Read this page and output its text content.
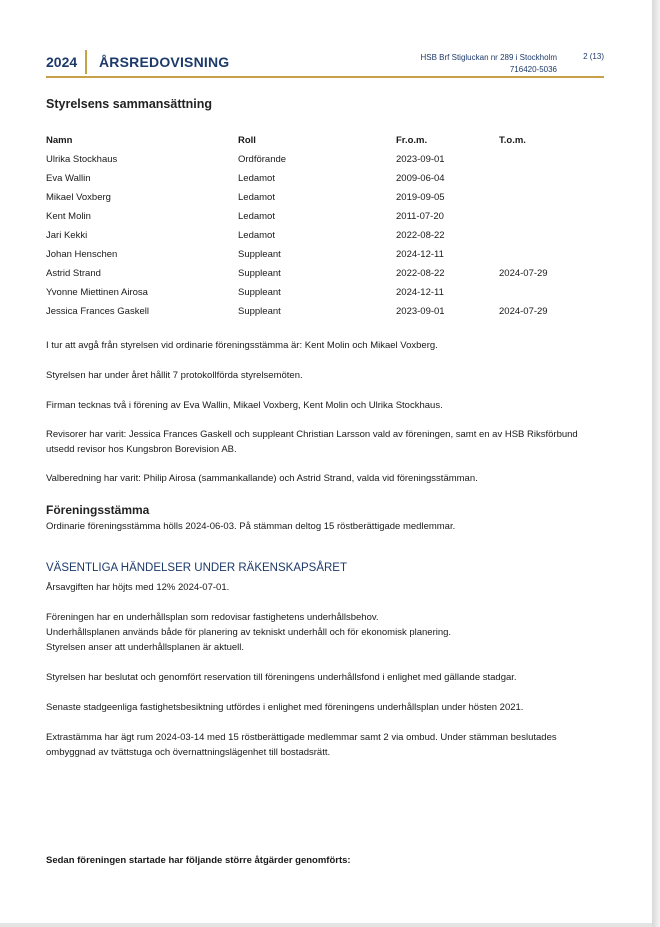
2024 ÅRSREDOVISNING	HSB Brf Stigluckan nr 289 i Stockholm
716420-5036
2 (13)
Styrelsens sammansättning
Namn	Roll	Fr.o.m.	T.o.m.
Ulrika Stockhaus	Ordförande	2023-09-01
Eva Wallin	Ledamot	2009-06-04
Mikael Voxberg	Ledamot	2019-09-05
Kent Molin	Ledamot	2011-07-20
Jari Kekki	Ledamot	2022-08-22
Johan Henschen	Suppleant	2024-12-11
Astrid Strand	Suppleant	2022-08-22	2024-07-29
Yvonne Miettinen Airosa	Suppleant	2024-12-11
Jessica Frances Gaskell	Suppleant	2023-09-01	2024-07-29
I tur att avgå från styrelsen vid ordinarie föreningsstämma är: Kent Molin och Mikael Voxberg.
Styrelsen har under året hållit 7 protokollförda styrelsemöten.
Firman tecknas två i förening av Eva Wallin, Mikael Voxberg, Kent Molin och Ulrika Stockhaus.
Revisorer har varit: Jessica Frances Gaskell och suppleant Christian Larsson vald av föreningen, samt en av HSB Riksförbund
utsedd revisor hos Kungsbron Borevision AB.
Valberedning har varit: Philip Airosa (sammankallande) och Astrid Strand, valda vid föreningsstämman.
Föreningsstämma
Ordinarie föreningsstämma hölls 2024-06-03. På stämman deltog 15 röstberättigade medlemmar.
VÄSENTLIGA HÄNDELSER UNDER RÄKENSKAPSÅRET
Årsavgiften har höjts med 12% 2024-07-01.
Föreningen har en underhållsplan som redovisar fastighetens underhållsbehov.
Underhållsplanen används både för planering av tekniskt underhåll och för ekonomisk planering.
Styrelsen anser att underhållsplanen är aktuell.
Styrelsen har beslutat och genomfört reservation till föreningens underhållsfond i enlighet med gällande stadgar.
Senaste stadgeenliga fastighetsbesiktning utfördes i enlighet med föreningens underhållsplan under hösten 2021.
Extrastämma har ägt rum 2024-03-14 med 15 röstberättigade medlemmar samt 2 via ombud. Under stämman beslutades
ombyggnad av tvättstuga och övernattningslägenhet till bostadsrätt.
Sedan föreningen startade har följande större åtgärder genomförts:
